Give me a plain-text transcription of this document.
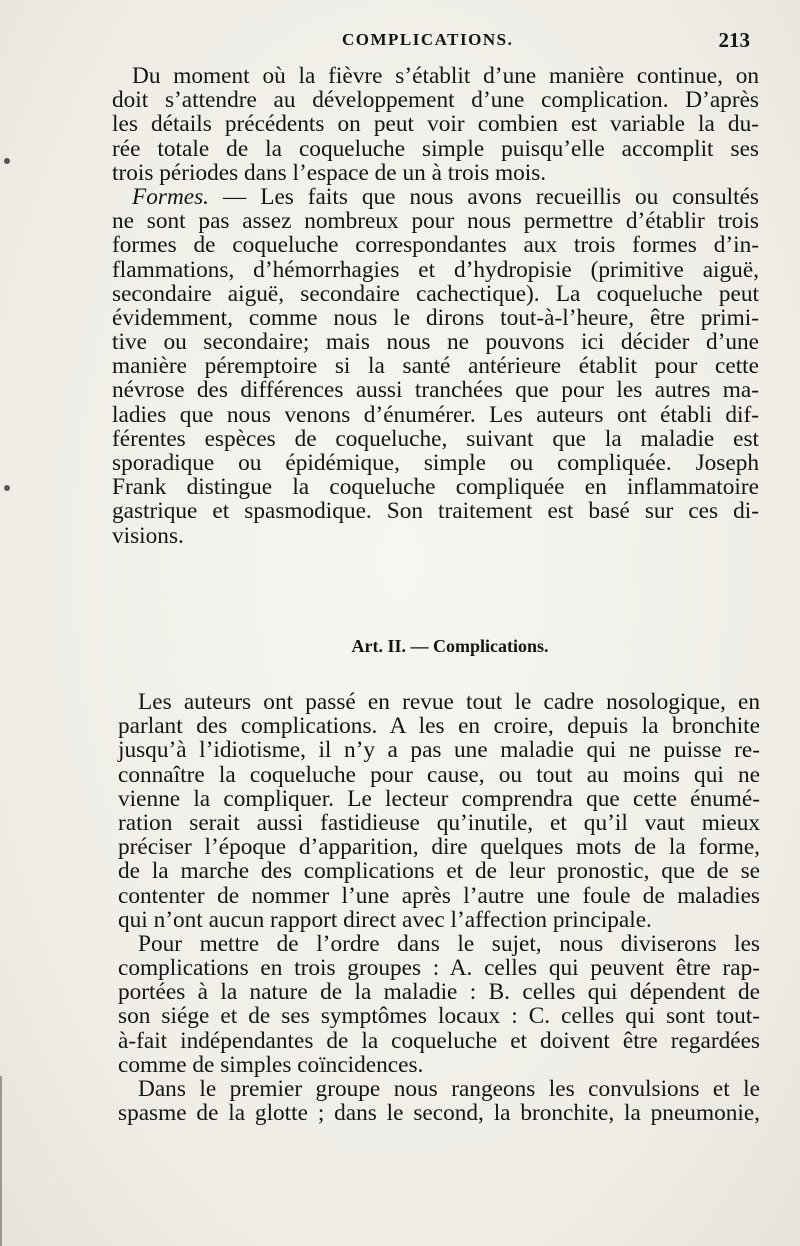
COMPLICATIONS.	213
Du moment où la fièvre s’établit d’une manière continue, on
doit s’attendre au développement d’une complication. D’après
les détails précédents on peut voir combien est variable la du-
rée totale de la coqueluche simple puisqu’elle accomplit ses
trois périodes dans l’espace de un à trois mois.
Formes. — Les faits que nous avons recueillis ou consultés
ne sont pas assez nombreux pour nous permettre d’établir trois
formes de coqueluche correspondantes aux trois formes d’in-
flammations, d’hémorrhagies et d’hydropisie (primitive aiguë,
secondaire aiguë, secondaire cachectique). La coqueluche peut
évidemment, comme nous le dirons tout-à-l’heure, être primi-
tive ou secondaire; mais nous ne pouvons ici décider d’une
manière péremptoire si la santé antérieure établit pour cette
névrose des différences aussi tranchées que pour les autres ma-
ladies que nous venons d’énumérer. Les auteurs ont établi dif-
férentes espèces de coqueluche, suivant que la maladie est
sporadique ou épidémique, simple ou compliquée. Joseph
Frank distingue la coqueluche compliquée en inflammatoire
gastrique et spasmodique. Son traitement est basé sur ces di-
visions.
Art. II. — Complications.
Les auteurs ont passé en revue tout le cadre nosologique, en
parlant des complications. A les en croire, depuis la bronchite
jusqu’à l’idiotisme, il n’y a pas une maladie qui ne puisse re-
connaître la coqueluche pour cause, ou tout au moins qui ne
vienne la compliquer. Le lecteur comprendra que cette énumé-
ration serait aussi fastidieuse qu’inutile, et qu’il vaut mieux
préciser l’époque d’apparition, dire quelques mots de la forme,
de la marche des complications et de leur pronostic, que de se
contenter de nommer l’une après l’autre une foule de maladies
qui n’ont aucun rapport direct avec l’affection principale.
Pour mettre de l’ordre dans le sujet, nous diviserons les
complications en trois groupes : A. celles qui peuvent être rap-
portées à la nature de la maladie : B. celles qui dépendent de
son siége et de ses symptômes locaux : C. celles qui sont tout-
à-fait indépendantes de la coqueluche et doivent être regardées
comme de simples coïncidences.
Dans le premier groupe nous rangeons les convulsions et le
spasme de la glotte ; dans le second, la bronchite, la pneumonie,
